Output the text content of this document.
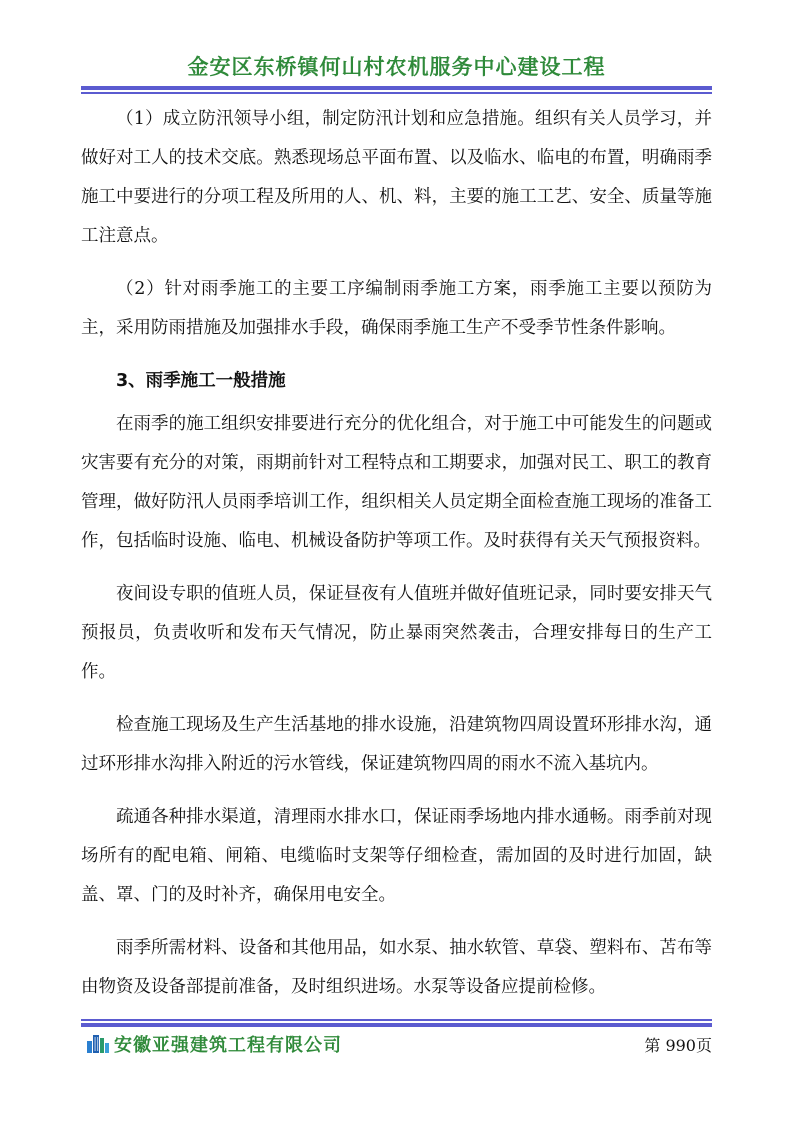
金安区东桥镇何山村农机服务中心建设工程

（1）成立防汛领导小组，制定防汛计划和应急措施。组织有关人员学习，并做好对工人的技术交底。熟悉现场总平面布置、以及临水、临电的布置，明确雨季施工中要进行的分项工程及所用的人、机、料，主要的施工工艺、安全、质量等施工注意点。

（2）针对雨季施工的主要工序编制雨季施工方案，雨季施工主要以预防为主，采用防雨措施及加强排水手段，确保雨季施工生产不受季节性条件影响。

3、雨季施工一般措施

在雨季的施工组织安排要进行充分的优化组合，对于施工中可能发生的问题或灾害要有充分的对策，雨期前针对工程特点和工期要求，加强对民工、职工的教育管理，做好防汛人员雨季培训工作，组织相关人员定期全面检查施工现场的准备工作，包括临时设施、临电、机械设备防护等项工作。及时获得有关天气预报资料。

夜间设专职的值班人员，保证昼夜有人值班并做好值班记录，同时要安排天气预报员，负责收听和发布天气情况，防止暴雨突然袭击，合理安排每日的生产工作。

检查施工现场及生产生活基地的排水设施，沿建筑物四周设置环形排水沟，通过环形排水沟排入附近的污水管线，保证建筑物四周的雨水不流入基坑内。

疏通各种排水渠道，清理雨水排水口，保证雨季场地内排水通畅。雨季前对现场所有的配电箱、闸箱、电缆临时支架等仔细检查，需加固的及时进行加固，缺盖、罩、门的及时补齐，确保用电安全。

雨季所需材料、设备和其他用品，如水泵、抽水软管、草袋、塑料布、苫布等由物资及设备部提前准备，及时组织进场。水泵等设备应提前检修。

安徽亚强建筑工程有限公司	第 990页
